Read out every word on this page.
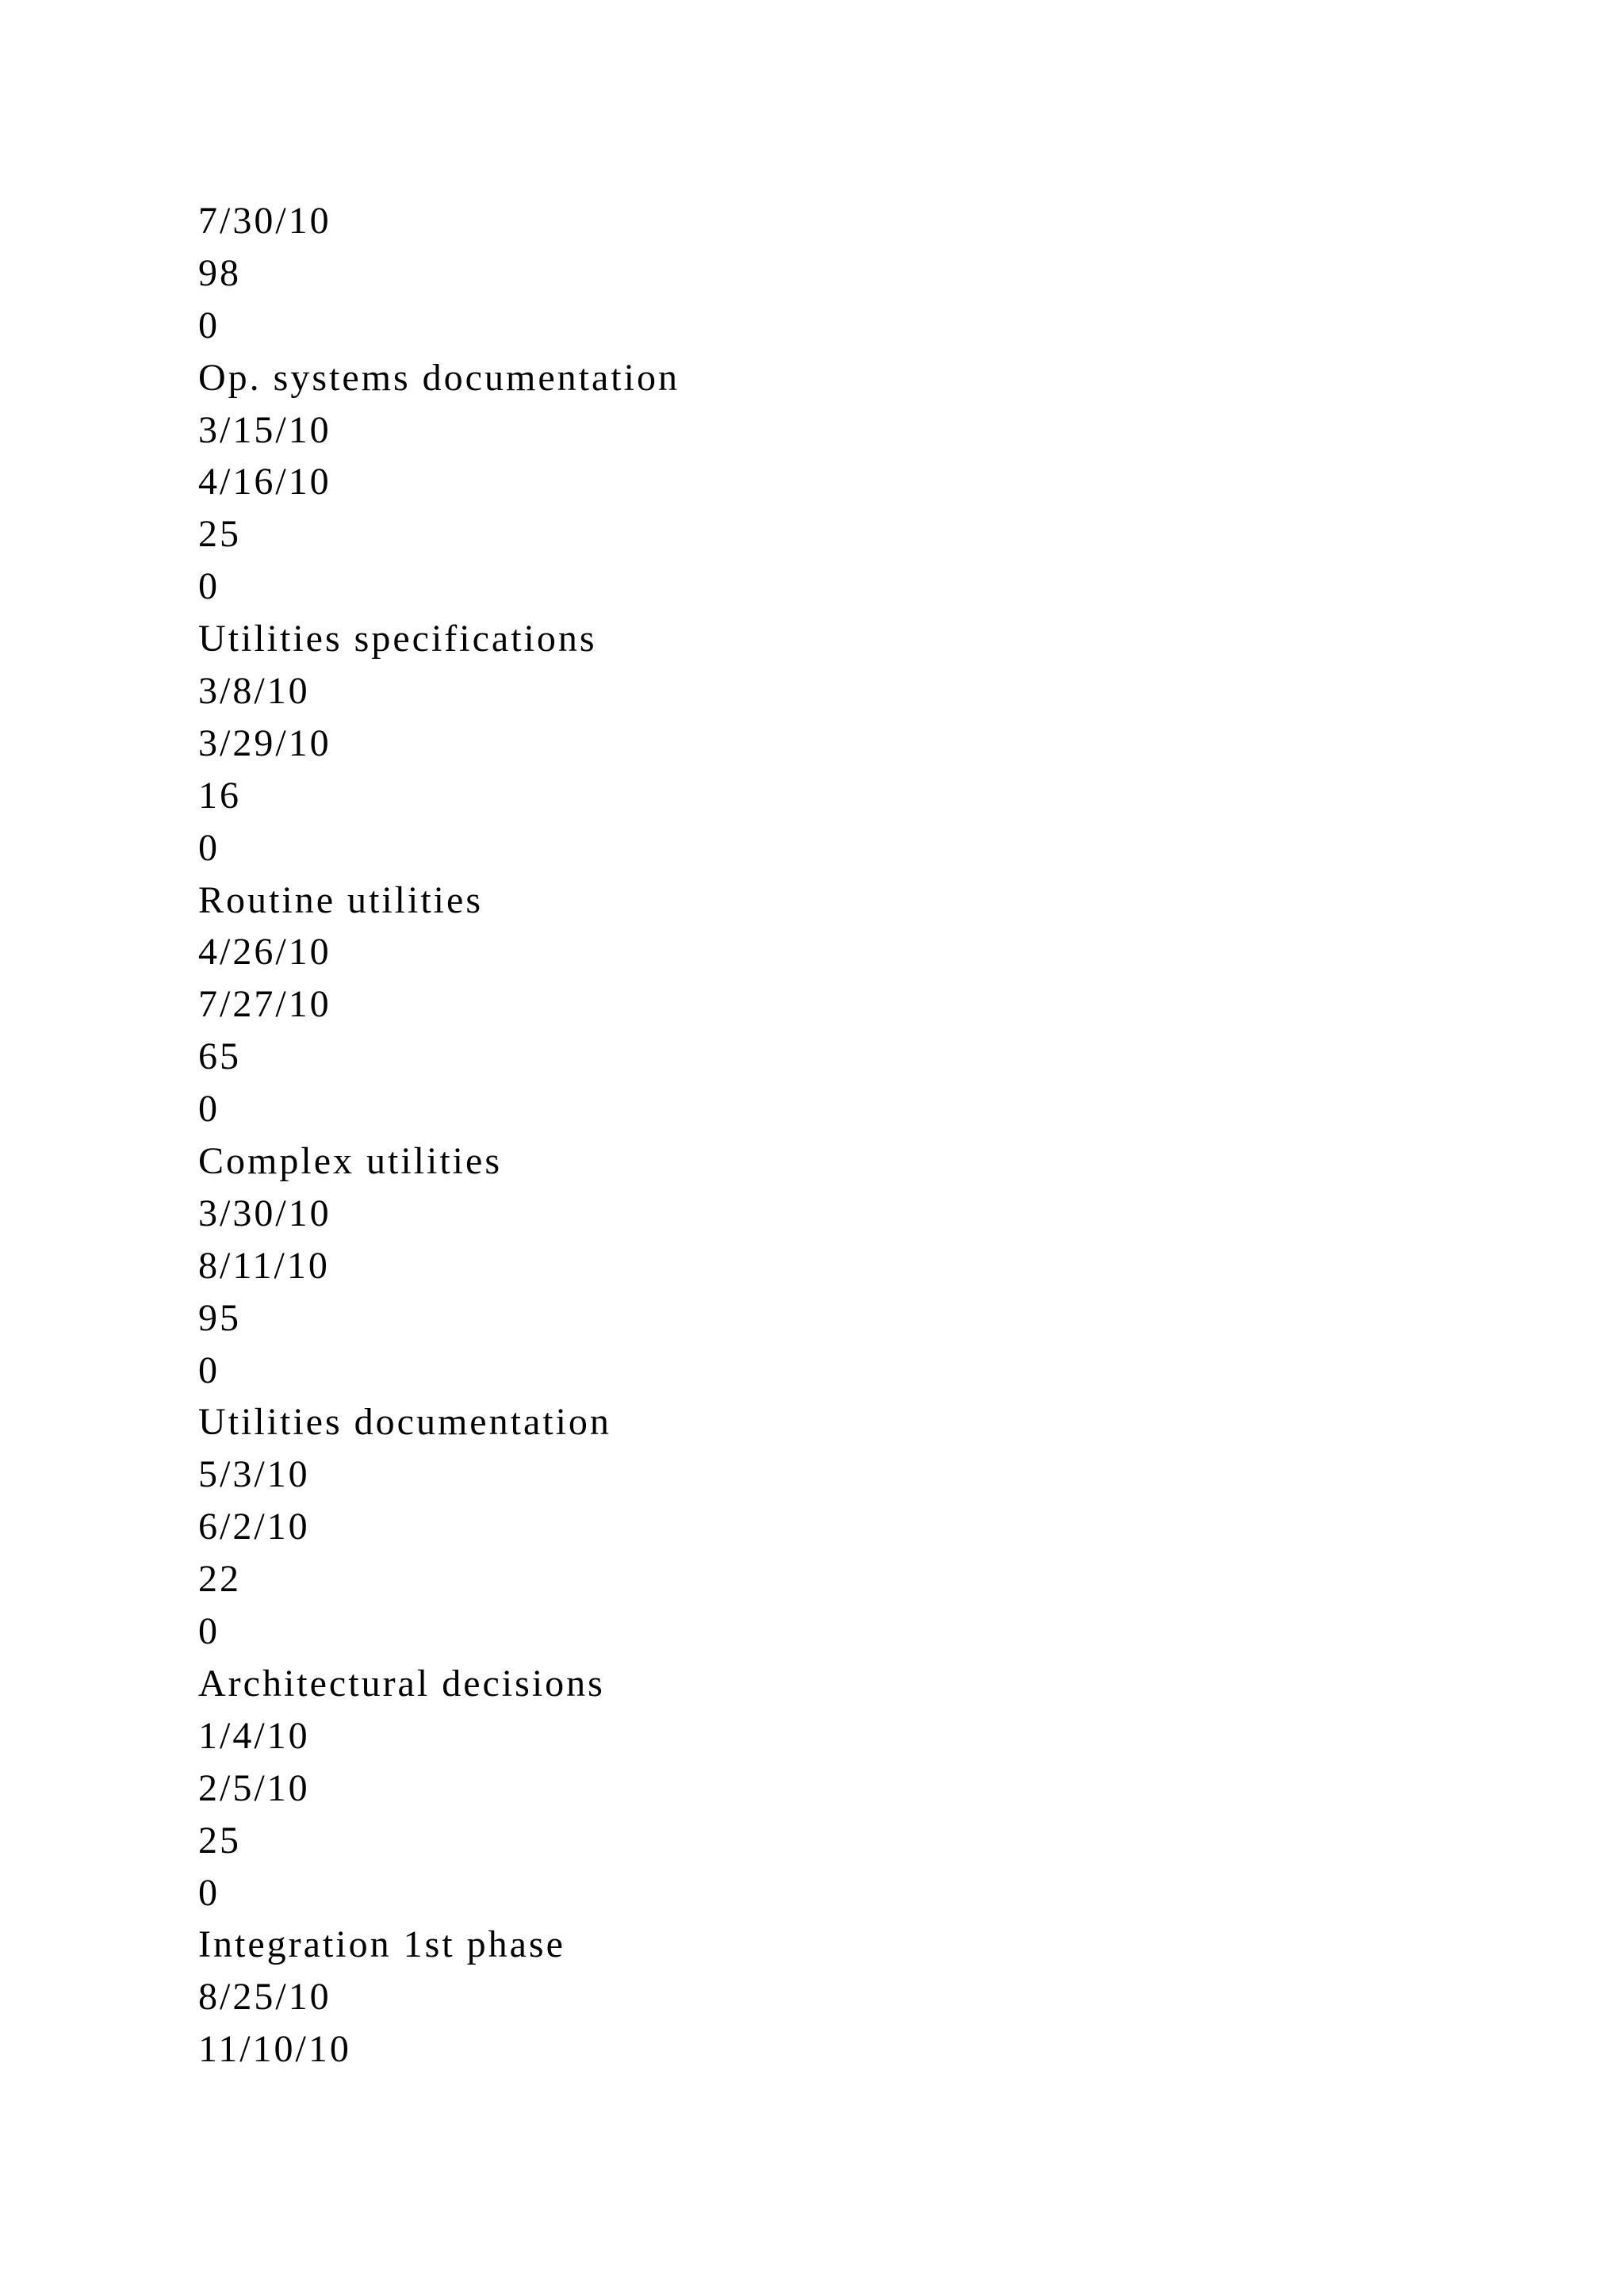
7/30/10
98
0
Op. systems documentation
3/15/10
4/16/10
25
0
Utilities specifications
3/8/10
3/29/10
16
0
Routine utilities
4/26/10
7/27/10
65
0
Complex utilities
3/30/10
8/11/10
95
0
Utilities documentation
5/3/10
6/2/10
22
0
Architectural decisions
1/4/10
2/5/10
25
0
Integration 1st phase
8/25/10
11/10/10
